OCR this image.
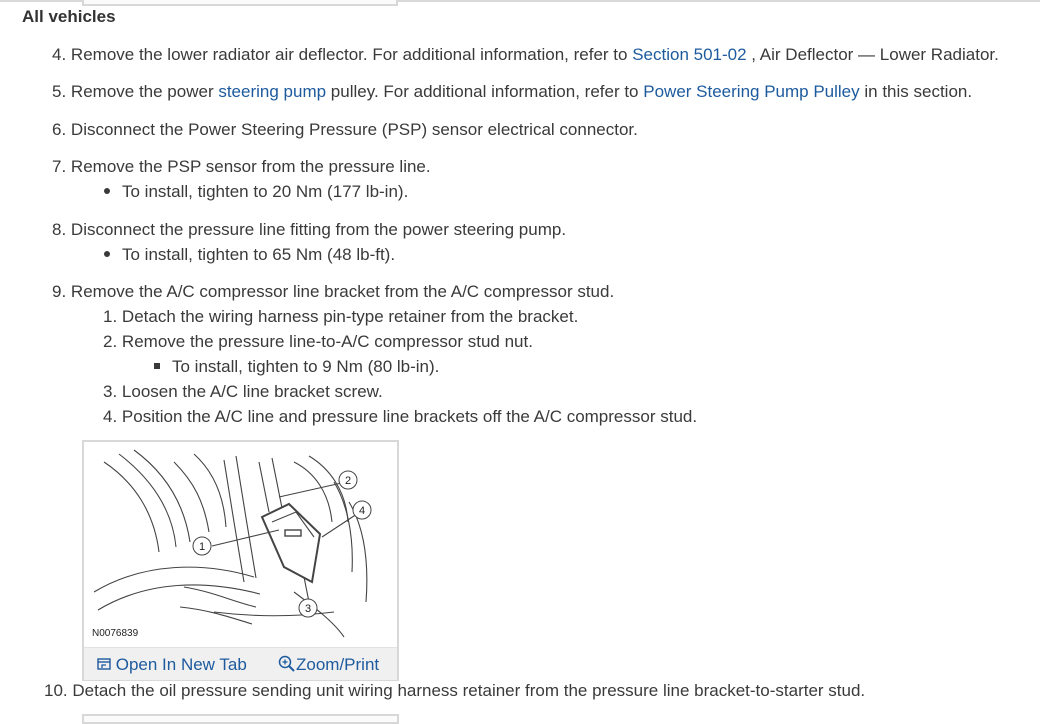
All vehicles
4. Remove the lower radiator air deflector. For additional information, refer to Section 501-02 , Air Deflector — Lower Radiator.
5. Remove the power steering pump pulley. For additional information, refer to Power Steering Pump Pulley in this section.
6. Disconnect the Power Steering Pressure (PSP) sensor electrical connector.
7. Remove the PSP sensor from the pressure line.
To install, tighten to 20 Nm (177 lb-in).
8. Disconnect the pressure line fitting from the power steering pump.
To install, tighten to 65 Nm (48 lb-ft).
9. Remove the A/C compressor line bracket from the A/C compressor stud.
1. Detach the wiring harness pin-type retainer from the bracket.
2. Remove the pressure line-to-A/C compressor stud nut.
To install, tighten to 9 Nm (80 lb-in).
3. Loosen the A/C line bracket screw.
4. Position the A/C line and pressure line brackets off the A/C compressor stud.
1
2
3
4
N0076839
Open In New Tab	Zoom/Print
10. Detach the oil pressure sending unit wiring harness retainer from the pressure line bracket-to-starter stud.
